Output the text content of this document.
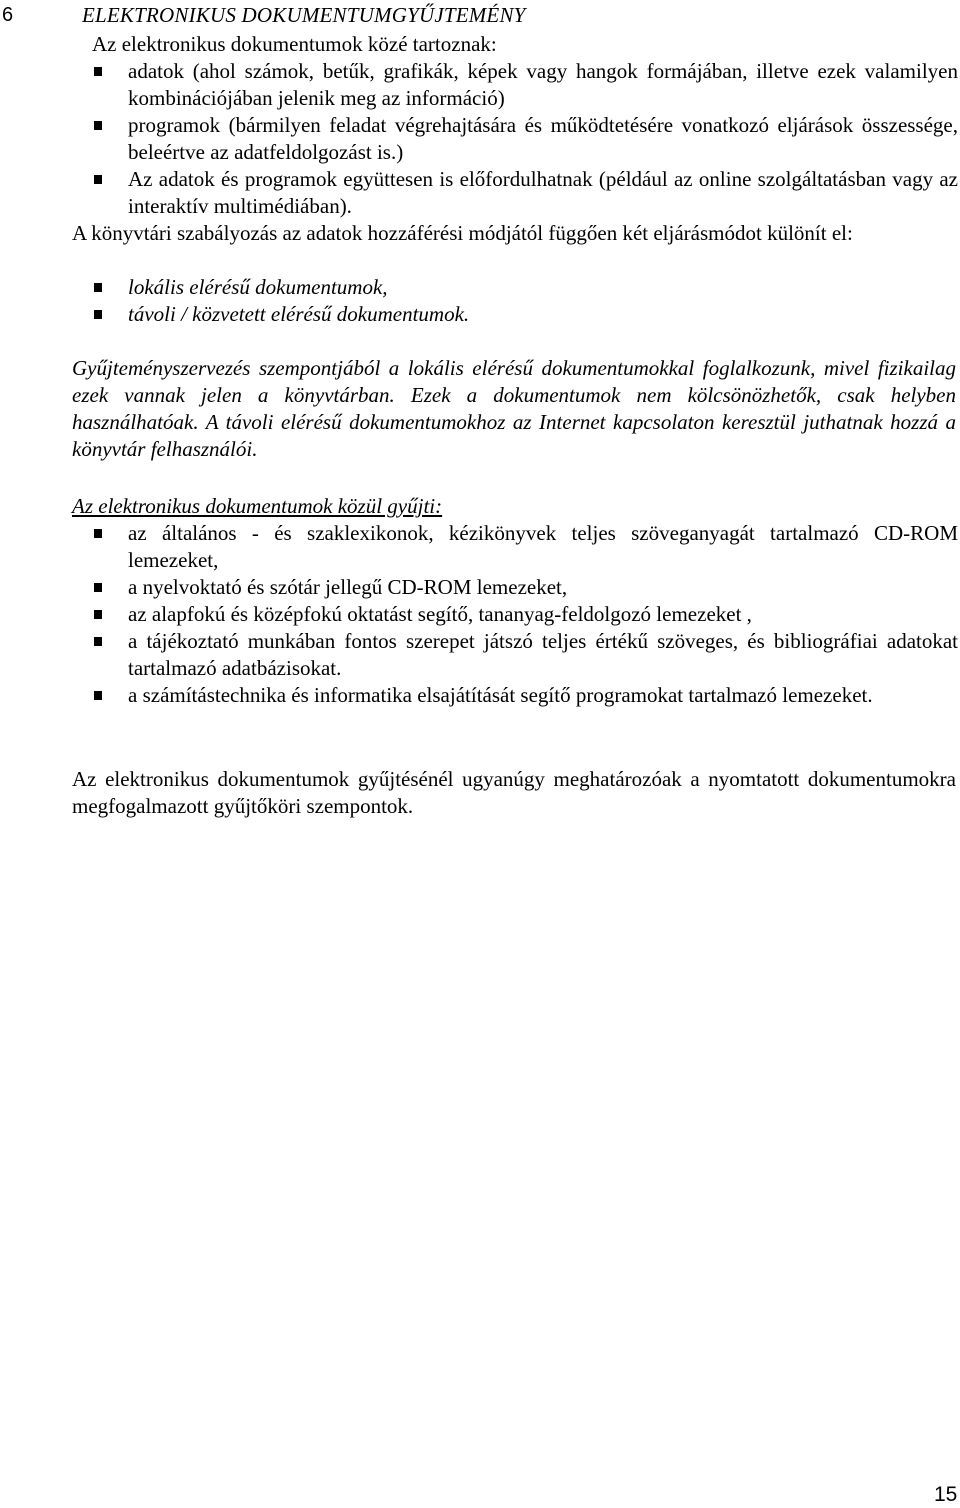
6	ELEKTRONIKUS DOKUMENTUMGYŰJTEMÉNY

Az elektronikus dokumentumok közé tartoznak:

adatok (ahol számok, betűk, grafikák, képek vagy hangok formájában, illetve ezek valamilyen kombinációjában jelenik meg az információ)
programok (bármilyen feladat végrehajtására és működtetésére vonatkozó eljárások összessége, beleértve az adatfeldolgozást is.)
Az adatok és programok együttesen is előfordulhatnak (például az online szolgáltatásban vagy az interaktív multimédiában).

A könyvtári szabályozás az adatok hozzáférési módjától függően két eljárásmódot különít el:

lokális elérésű dokumentumok,
távoli / közvetett elérésű dokumentumok.

Gyűjteményszervezés szempontjából a lokális elérésű dokumentumokkal foglalkozunk, mivel fizikailag ezek vannak jelen a könyvtárban. Ezek a dokumentumok nem kölcsönözhetők, csak helyben használhatóak. A távoli elérésű dokumentumokhoz az Internet kapcsolaton keresztül juthatnak hozzá a könyvtár felhasználói.

Az elektronikus dokumentumok közül gyűjti:

az általános - és szaklexikonok, kézikönyvek teljes szöveganyagát tartalmazó CD-ROM lemezeket,
a nyelvoktató és szótár jellegű CD-ROM lemezeket,
az alapfokú és középfokú oktatást segítő, tananyag-feldolgozó lemezeket ,
a tájékoztató munkában fontos szerepet játszó teljes értékű szöveges, és bibliográfiai adatokat tartalmazó adatbázisokat.
a számítástechnika és informatika elsajátítását segítő programokat tartalmazó lemezeket.

Az elektronikus dokumentumok gyűjtésénél ugyanúgy meghatározóak a nyomtatott dokumentumokra megfogalmazott gyűjtőköri szempontok.

15
